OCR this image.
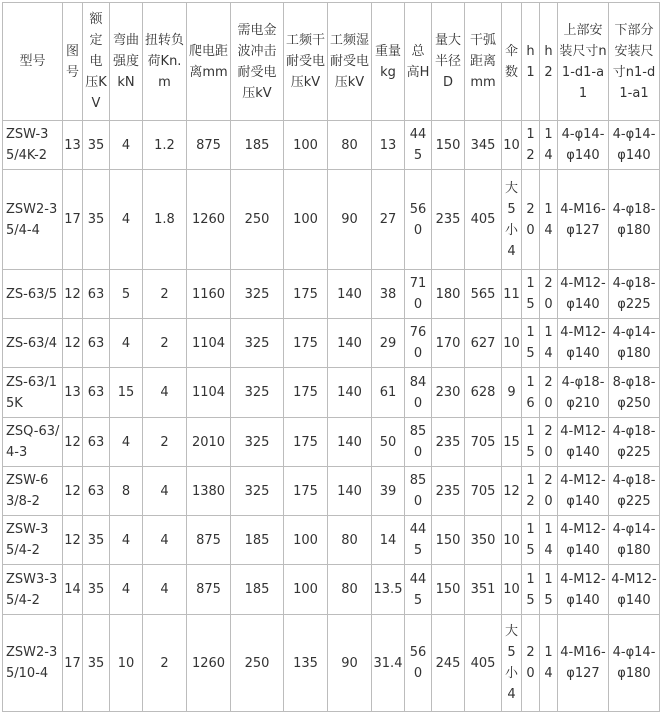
型号	图号	额定电压KV	弯曲强度kN	扭转负荷Kn.m	爬电距离mm	需电金波冲击耐受电压kV	工频干耐受电压kV	工频湿耐受电压kV	重量kg	总高H	量大半径D	干弧距离mm	伞数	h1	h2	上部安装尺寸n1-d1-a1	下部分安装尺寸n1-d1-a1
ZSW-35/4K-2	13	35	4	1.2	875	185	100	80	13	445	150	345	10	12	14	4-φ14-φ140	4-φ14-φ140
ZSW2-35/4-4	17	35	4	1.8	1260	250	100	90	27	560	235	405	大5小4	20	14	4-M16-φ127	4-φ18-φ180
ZS-63/5	12	63	5	2	1160	325	175	140	38	710	180	565	11	15	20	4-M12-φ140	4-φ18-φ225
ZS-63/4	12	63	4	2	1104	325	175	140	29	760	170	627	10	15	14	4-M12-φ140	4-φ14-φ180
ZS-63/15K	13	63	15	4	1104	325	175	140	61	840	230	628	9	16	20	4-φ18-φ210	8-φ18-φ250
ZSQ-63/4-3	12	63	4	2	2010	325	175	140	50	850	235	705	15	15	20	4-M12-φ140	4-φ18-φ225
ZSW-63/8-2	12	63	8	4	1380	325	175	140	39	850	235	705	12	12	20	4-M12-φ140	4-φ18-φ225
ZSW-35/4-2	12	35	4	4	875	185	100	80	14	445	150	350	10	15	14	4-M12-φ140	4-φ14-φ180
ZSW3-35/4-2	14	35	4	4	875	185	100	80	13.5	445	150	351	10	15	15	4-M12-φ140	4-M12-φ140
ZSW2-35/10-4	17	35	10	2	1260	250	135	90	31.4	560	245	405	大5小4	20	14	4-M16-φ127	4-φ14-φ180
